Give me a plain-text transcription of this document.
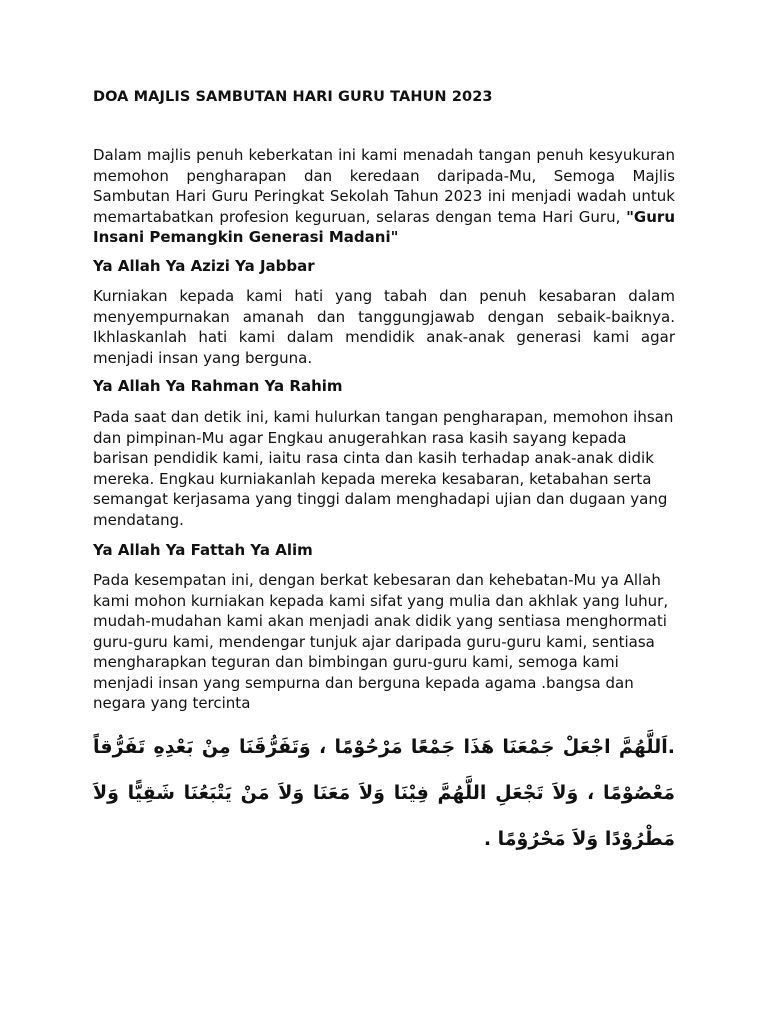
DOA MAJLIS SAMBUTAN HARI GURU TAHUN 2023

Dalam majlis penuh keberkatan ini kami menadah tangan penuh kesyukuran memohon pengharapan dan keredaan daripada-Mu, Semoga Majlis Sambutan Hari Guru Peringkat Sekolah Tahun 2023 ini menjadi wadah untuk memartabatkan profesion keguruan, selaras dengan tema Hari Guru, "Guru Insani Pemangkin Generasi Madani"

Ya Allah Ya Azizi Ya Jabbar

Kurniakan kepada kami hati yang tabah dan penuh kesabaran dalam menyempurnakan amanah dan tanggungjawab dengan sebaik-baiknya. Ikhlaskanlah hati kami dalam mendidik anak-anak generasi kami agar menjadi insan yang berguna.

Ya Allah Ya Rahman Ya Rahim

Pada saat dan detik ini, kami hulurkan tangan pengharapan, memohon ihsan dan pimpinan-Mu agar Engkau anugerahkan rasa kasih sayang kepada barisan pendidik kami, iaitu rasa cinta dan kasih terhadap anak-anak didik mereka. Engkau kurniakanlah kepada mereka kesabaran, ketabahan serta semangat kerjasama yang tinggi dalam menghadapi ujian dan dugaan yang mendatang.

Ya Allah Ya Fattah Ya Alim

Pada kesempatan ini, dengan berkat kebesaran dan kehebatan-Mu ya Allah kami mohon kurniakan kepada kami sifat yang mulia dan akhlak yang luhur, mudah-mudahan kami akan menjadi anak didik yang sentiasa menghormati guru-guru kami, mendengar tunjuk ajar daripada guru-guru kami, sentiasa mengharapkan teguran dan bimbingan guru-guru kami, semoga kami menjadi insan yang sempurna dan berguna kepada agama .bangsa dan negara yang tercinta

.اَللَّهُمَّ اجْعَلْ جَمْعَنَا هَذَا جَمْعًا مَرْحُوْمًا ، وَتَفَرُّقَنَا مِنْ بَعْدِهِ تَفَرُّقاً مَعْصُوْمًا ، وَلاَ تَجْعَلِ اللَّهُمَّ فِيْنَا وَلاَ مَعَنَا وَلاَ مَنْ يَتْبَعُنَا شَقِيًّا وَلاَ مَطْرُوْدًا وَلاَ مَحْرُوْمًا .
